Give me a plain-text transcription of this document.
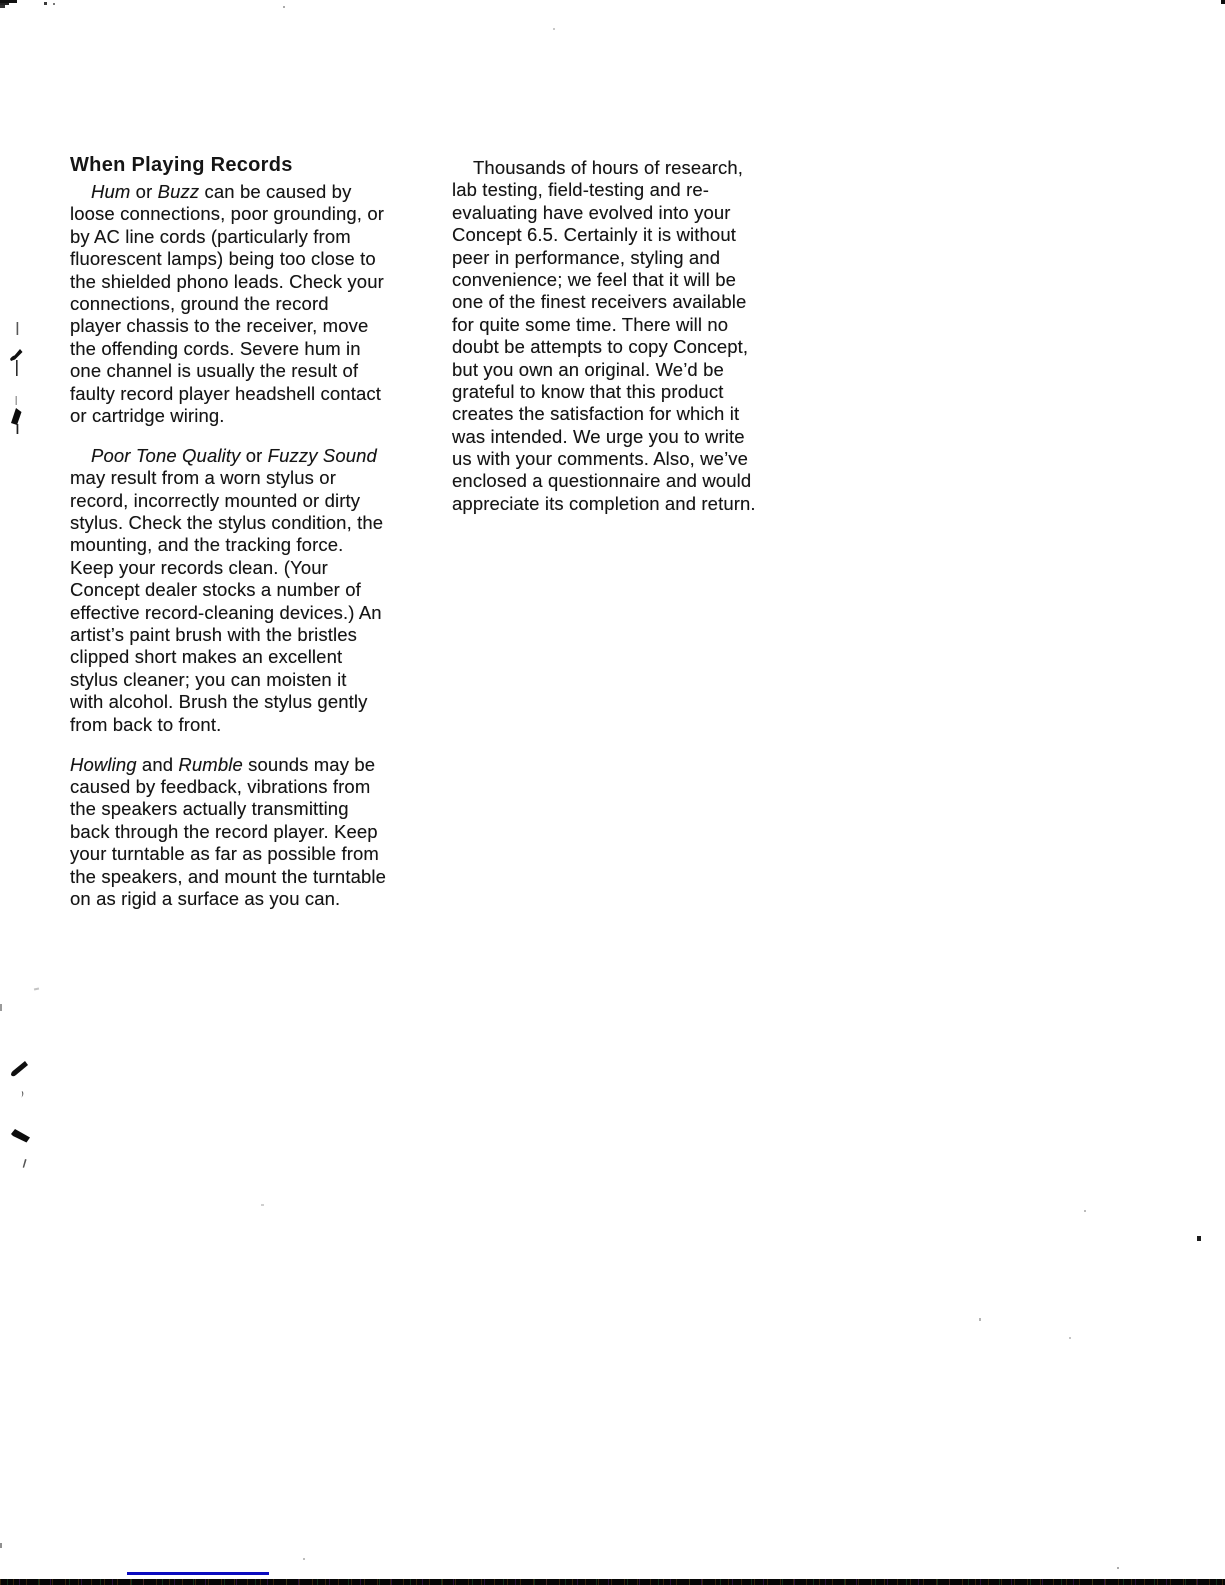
When Playing Records
Hum or Buzz can be caused by
loose connections, poor grounding, or
by AC line cords (particularly from
fluorescent lamps) being too close to
the shielded phono leads. Check your
connections, ground the record
player chassis to the receiver, move
the offending cords. Severe hum in
one channel is usually the result of
faulty record player headshell contact
or cartridge wiring.
Poor Tone Quality or Fuzzy Sound
may result from a worn stylus or
record, incorrectly mounted or dirty
stylus. Check the stylus condition, the
mounting, and the tracking force.
Keep your records clean. (Your
Concept dealer stocks a number of
effective record-cleaning devices.) An
artist’s paint brush with the bristles
clipped short makes an excellent
stylus cleaner; you can moisten it
with alcohol. Brush the stylus gently
from back to front.
Howling and Rumble sounds may be
caused by feedback, vibrations from
the speakers actually transmitting
back through the record player. Keep
your turntable as far as possible from
the speakers, and mount the turntable
on as rigid a surface as you can.
Thousands of hours of research,
lab testing, field-testing and re-
evaluating have evolved into your
Concept 6.5. Certainly it is without
peer in performance, styling and
convenience; we feel that it will be
one of the finest receivers available
for quite some time. There will no
doubt be attempts to copy Concept,
but you own an original. We’d be
grateful to know that this product
creates the satisfaction for which it
was intended. We urge you to write
us with your comments. Also, we’ve
enclosed a questionnaire and would
appreciate its completion and return.
